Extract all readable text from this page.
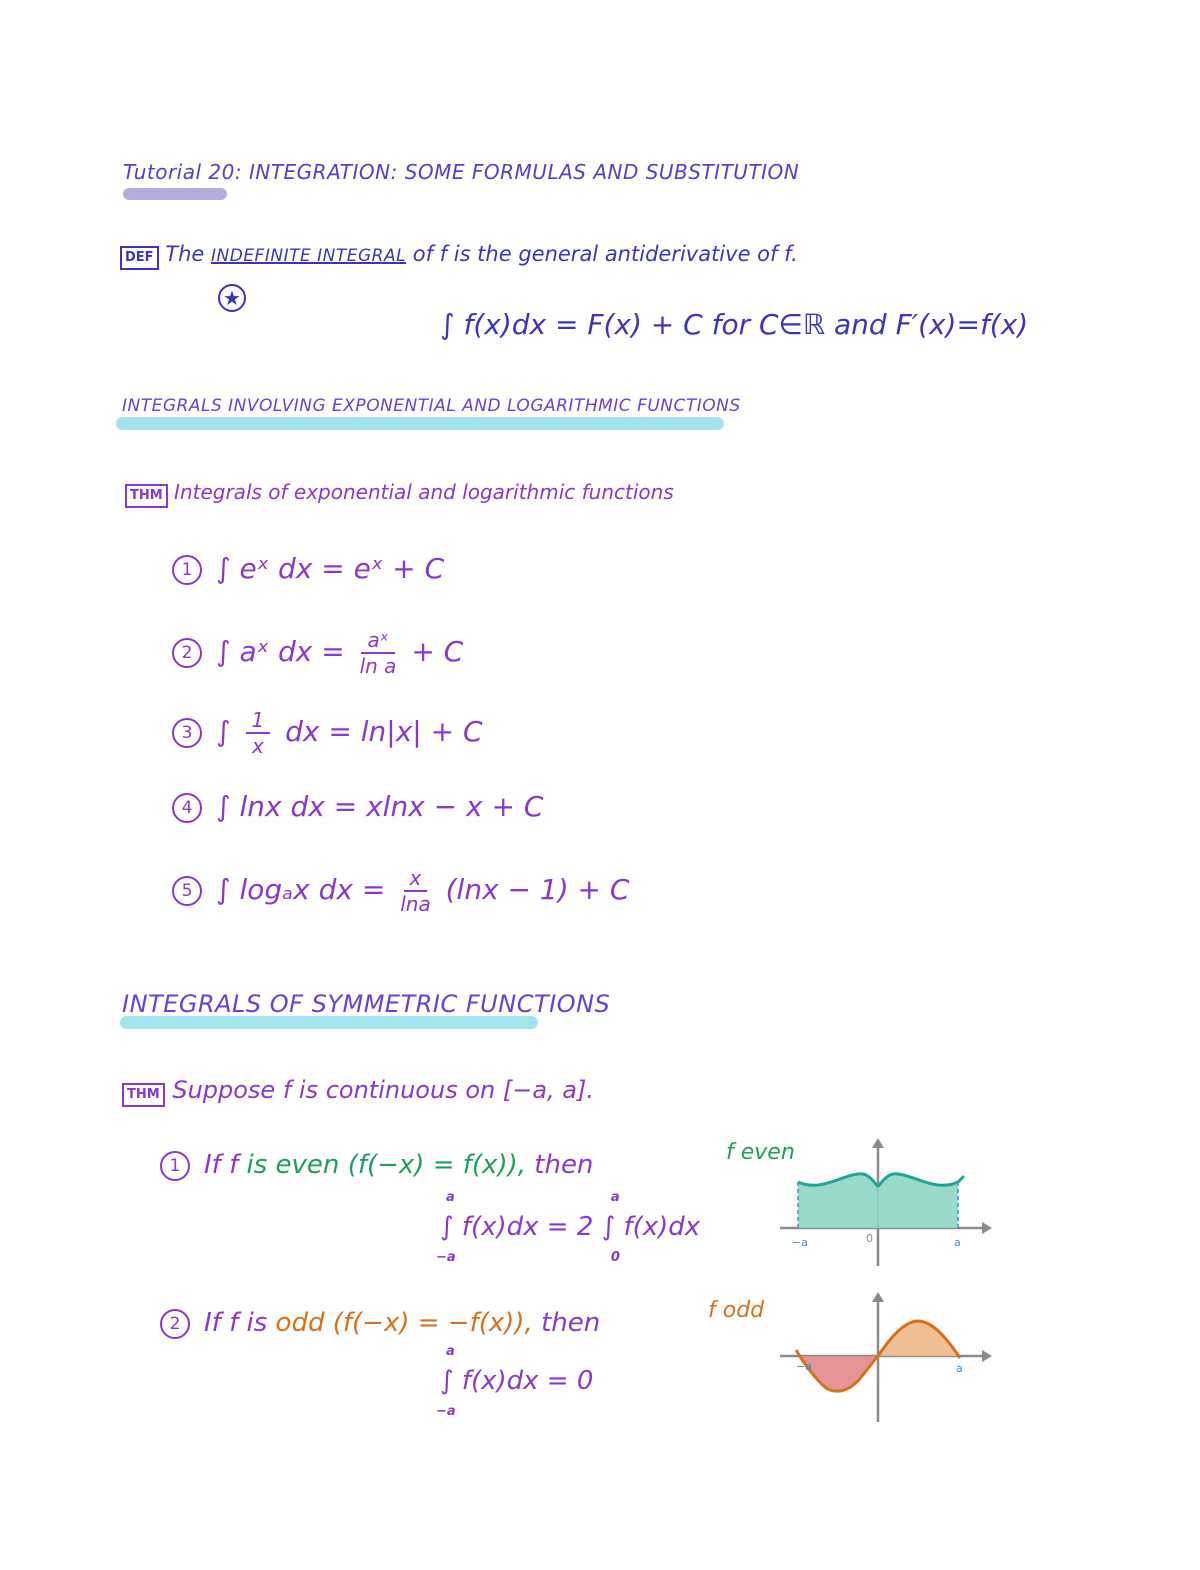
Tutorial 20: INTEGRATION: SOME FORMULAS AND SUBSTITUTION
DEF The INDEFINITE INTEGRAL of f is the general antiderivative of f.
★
∫ f(x)dx = F(x) + C for C∈ℝ and F′(x)=f(x)
INTEGRALS INVOLVING EXPONENTIAL AND LOGARITHMIC FUNCTIONS
THM Integrals of exponential and logarithmic functions
1 ∫ eˣ dx = eˣ + C
2 ∫ aˣ dx = $\frac{\text{aˣ}}{\text{ln a}} + C$
3 ∫ $\frac{1}{x}$ dx = ln|x| + C
4 ∫ lnx dx = xlnx − x + C
5 ∫ logₐx dx = $\frac{x}{\ln a} (\ln x - 1) + C$
INTEGRALS OF SYMMETRIC FUNCTIONS
THM Suppose f is continuous on [−a, a].
1 If f is even (f(−x) = f(x)), then
a
−a
∫ f(x)dx =
a
0
2 ∫ f(x)dx
2 If f is odd (f(−x) = −f(x)), then
a
−a
∫ f(x)dx = 0
f even
f odd
−a	0	a
−a	a
